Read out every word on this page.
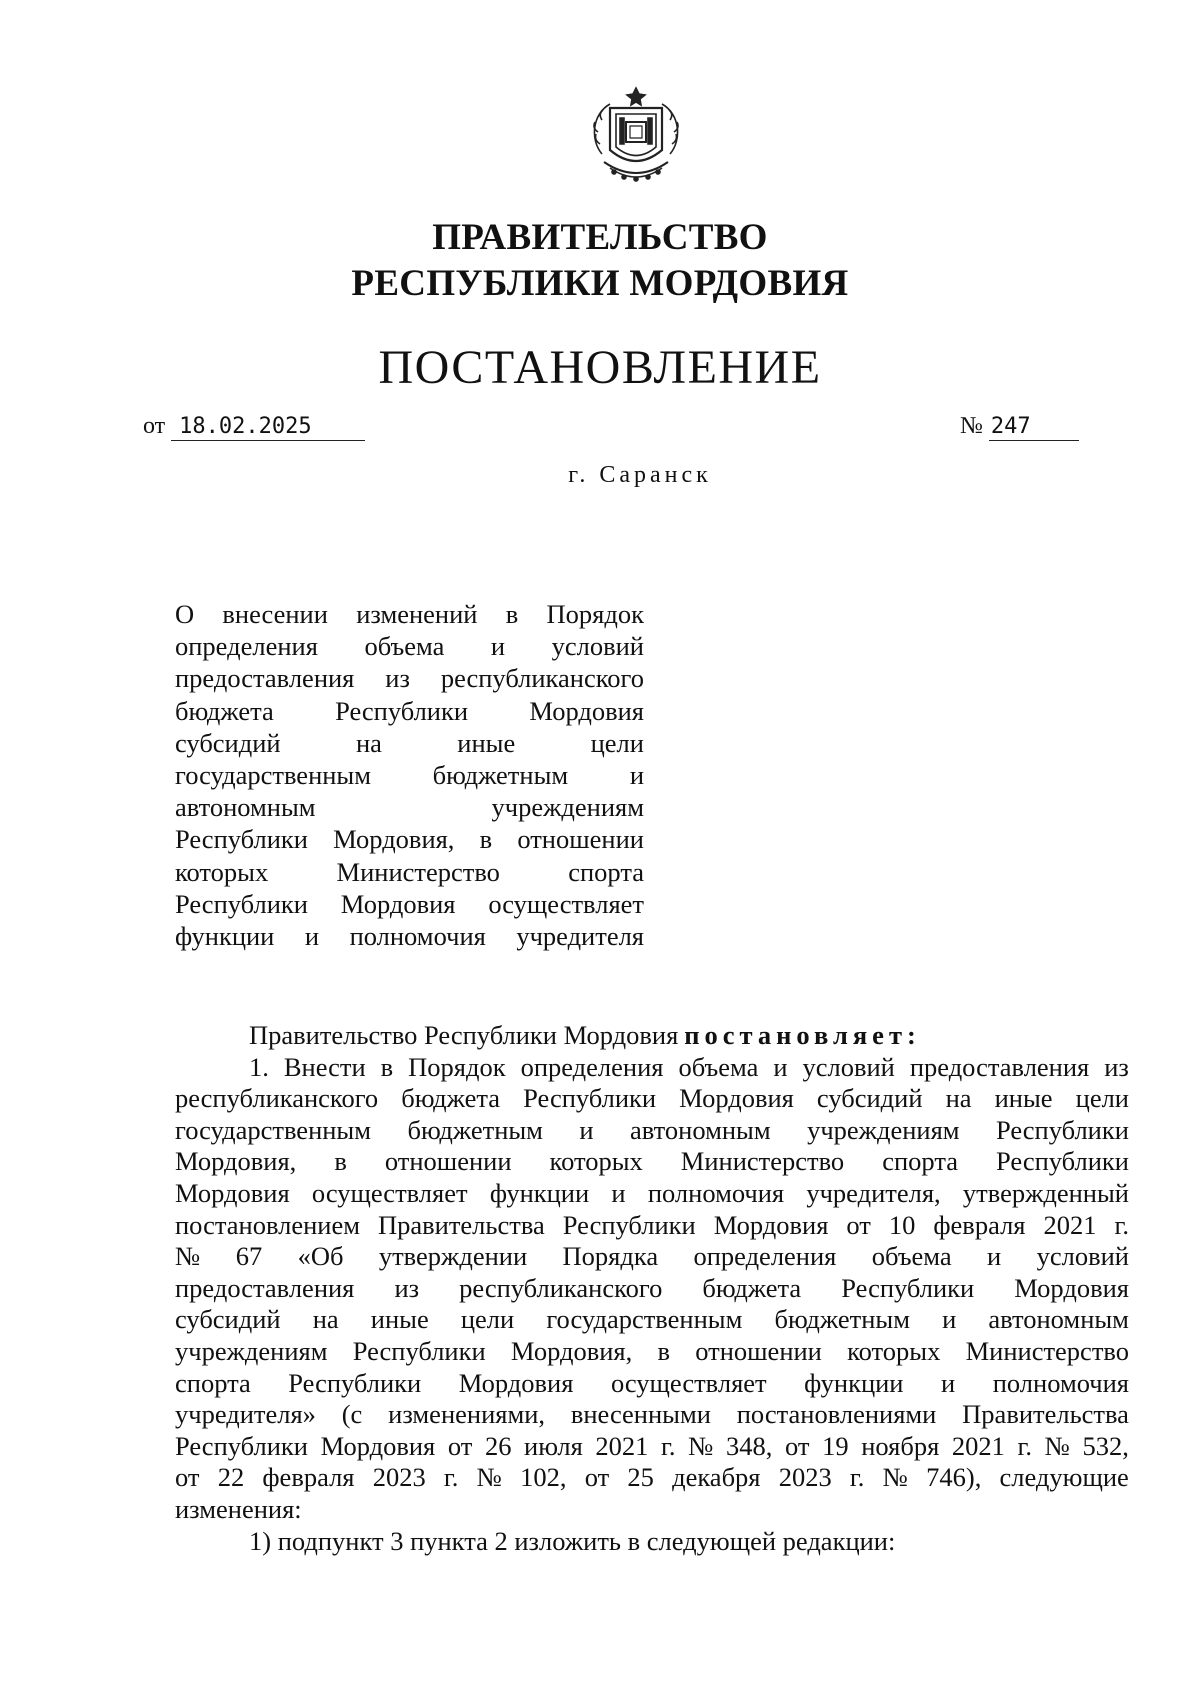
ПРАВИТЕЛЬСТВО
РЕСПУБЛИКИ МОРДОВИЯ
ПОСТАНОВЛЕНИЕ
от 18.02.2025	№ 247
г. Саранск
О внесении изменений в Порядок
определения объема и условий
предоставления из республиканского
бюджета Республики Мордовия
субсидий	на	иные	цели
государственным бюджетным и
автономным	учреждениям
Республики Мордовия, в отношении
которых	Министерство	спорта
Республики Мордовия осуществляет
функции и полномочия учредителя
Правительство Республики Мордовия постановляет:
1. Внести в Порядок определения объема и условий предоставления из
республиканского бюджета Республики Мордовия субсидий на иные цели
государственным бюджетным и автономным учреждениям Республики
Мордовия, в отношении которых Министерство спорта Республики
Мордовия осуществляет функции и полномочия учредителя, утвержденный
постановлением Правительства Республики Мордовия от 10 февраля 2021 г.
№ 67 «Об утверждении Порядка определения объема и условий
предоставления из республиканского бюджета Республики Мордовия
субсидий на иные цели государственным бюджетным и автономным
учреждениям Республики Мордовия, в отношении которых Министерство
спорта Республики Мордовия осуществляет функции и полномочия
учредителя» (с изменениями, внесенными постановлениями Правительства
Республики Мордовия от 26 июля 2021 г. № 348, от 19 ноября 2021 г. № 532,
от 22 февраля 2023 г. № 102, от 25 декабря 2023 г. № 746), следующие
изменения:
1) подпункт 3 пункта 2 изложить в следующей редакции:
